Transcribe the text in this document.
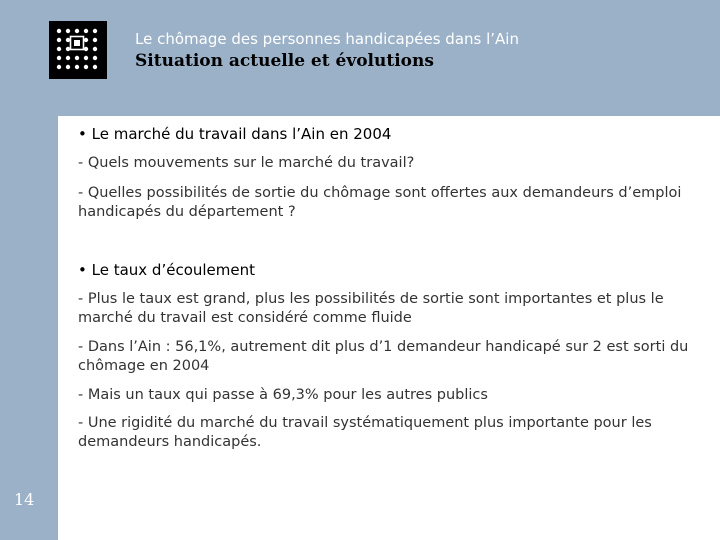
Le chômage des personnes handicapées dans l’Ain
Situation actuelle et évolutions
• Le marché du travail dans l’Ain en 2004
- Quels mouvements sur le marché du travail?
- Quelles possibilités de sortie du chômage sont offertes aux demandeurs d’emploi handicapés du département ?
• Le taux d’écoulement
- Plus le taux est grand, plus les possibilités de sortie sont importantes et plus le marché du travail est considéré comme fluide
- Dans l’Ain : 56,1%, autrement dit plus d’1 demandeur handicapé sur 2 est sorti du chômage en 2004
- Mais un taux qui passe à 69,3% pour les autres publics
- Une rigidité du marché du travail systématiquement plus importante pour les demandeurs handicapés.
14
